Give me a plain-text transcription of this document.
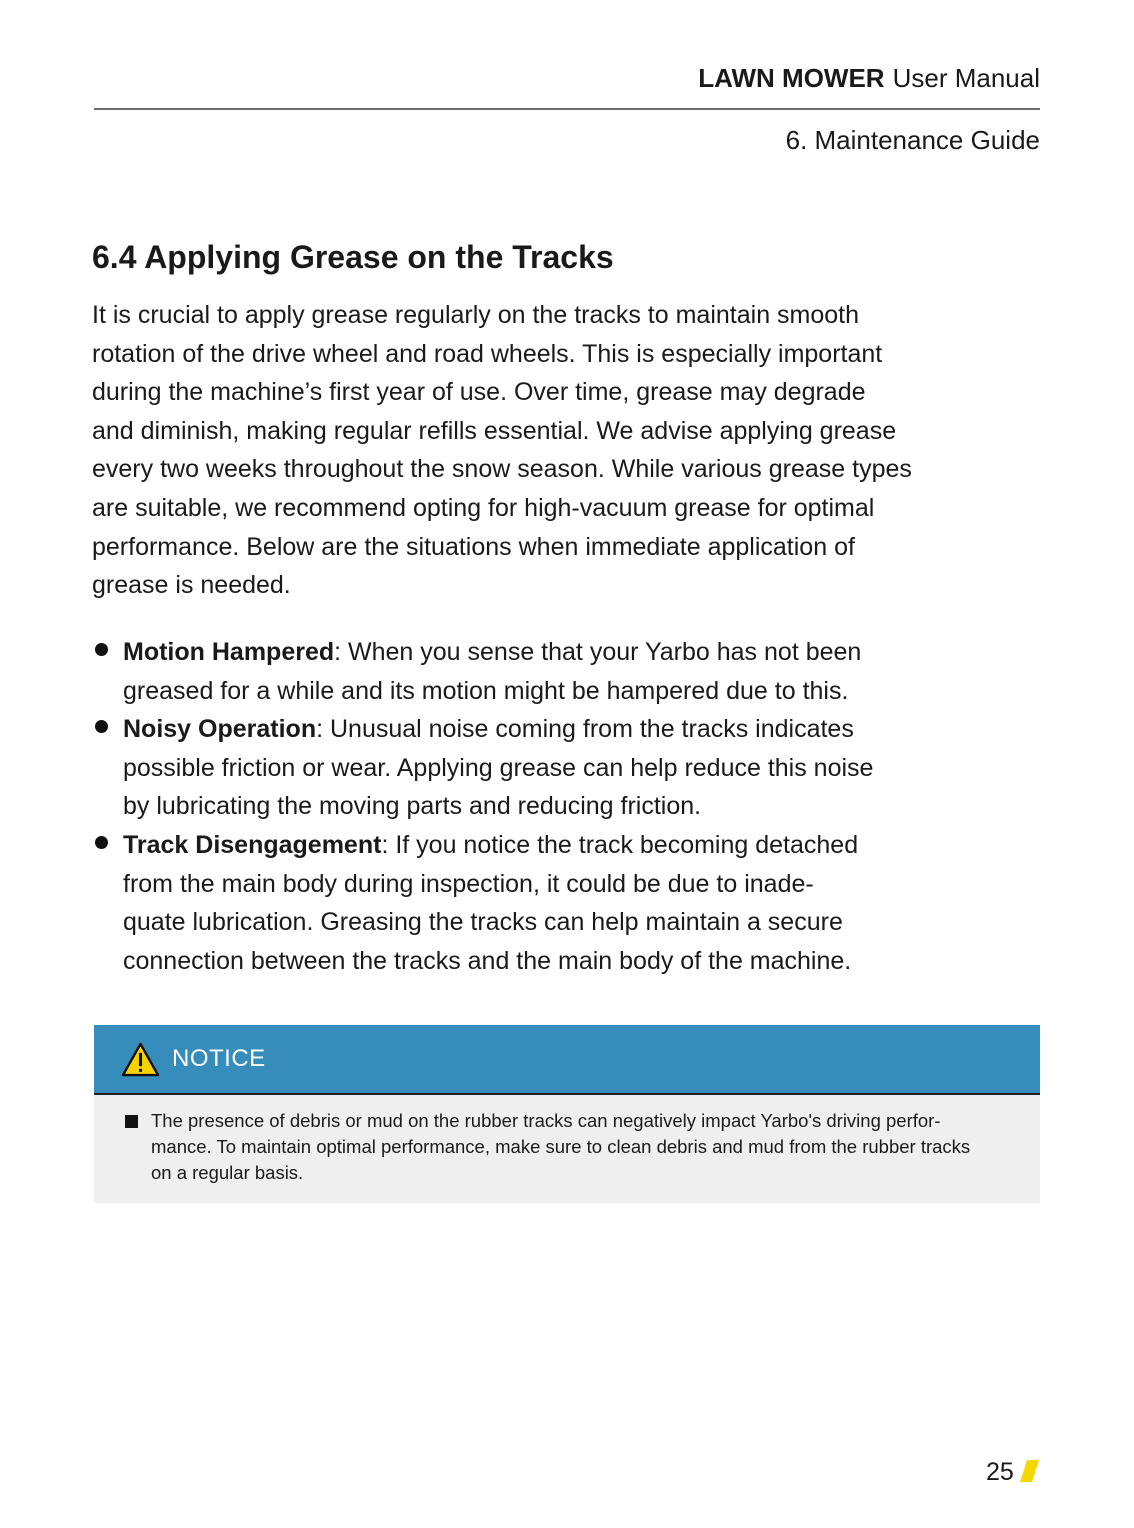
LAWN MOWER User Manual
6. Maintenance Guide
6.4 Applying Grease on the Tracks

It is crucial to apply grease regularly on the tracks to maintain smooth
rotation of the drive wheel and road wheels. This is especially important
during the machine’s first year of use. Over time, grease may degrade
and diminish, making regular refills essential. We advise applying grease
every two weeks throughout the snow season. While various grease types
are suitable, we recommend opting for high-vacuum grease for optimal
performance. Below are the situations when immediate application of
grease is needed.

Motion Hampered: When you sense that your Yarbo has not been
greased for a while and its motion might be hampered due to this.
Noisy Operation: Unusual noise coming from the tracks indicates
possible friction or wear. Applying grease can help reduce this noise
by lubricating the moving parts and reducing friction.
Track Disengagement: If you notice the track becoming detached
from the main body during inspection, it could be due to inade-
quate lubrication. Greasing the tracks can help maintain a secure
connection between the tracks and the main body of the machine.
NOTICE
The presence of debris or mud on the rubber tracks can negatively impact Yarbo's driving perfor-
mance. To maintain optimal performance, make sure to clean debris and mud from the rubber tracks
on a regular basis.
25
